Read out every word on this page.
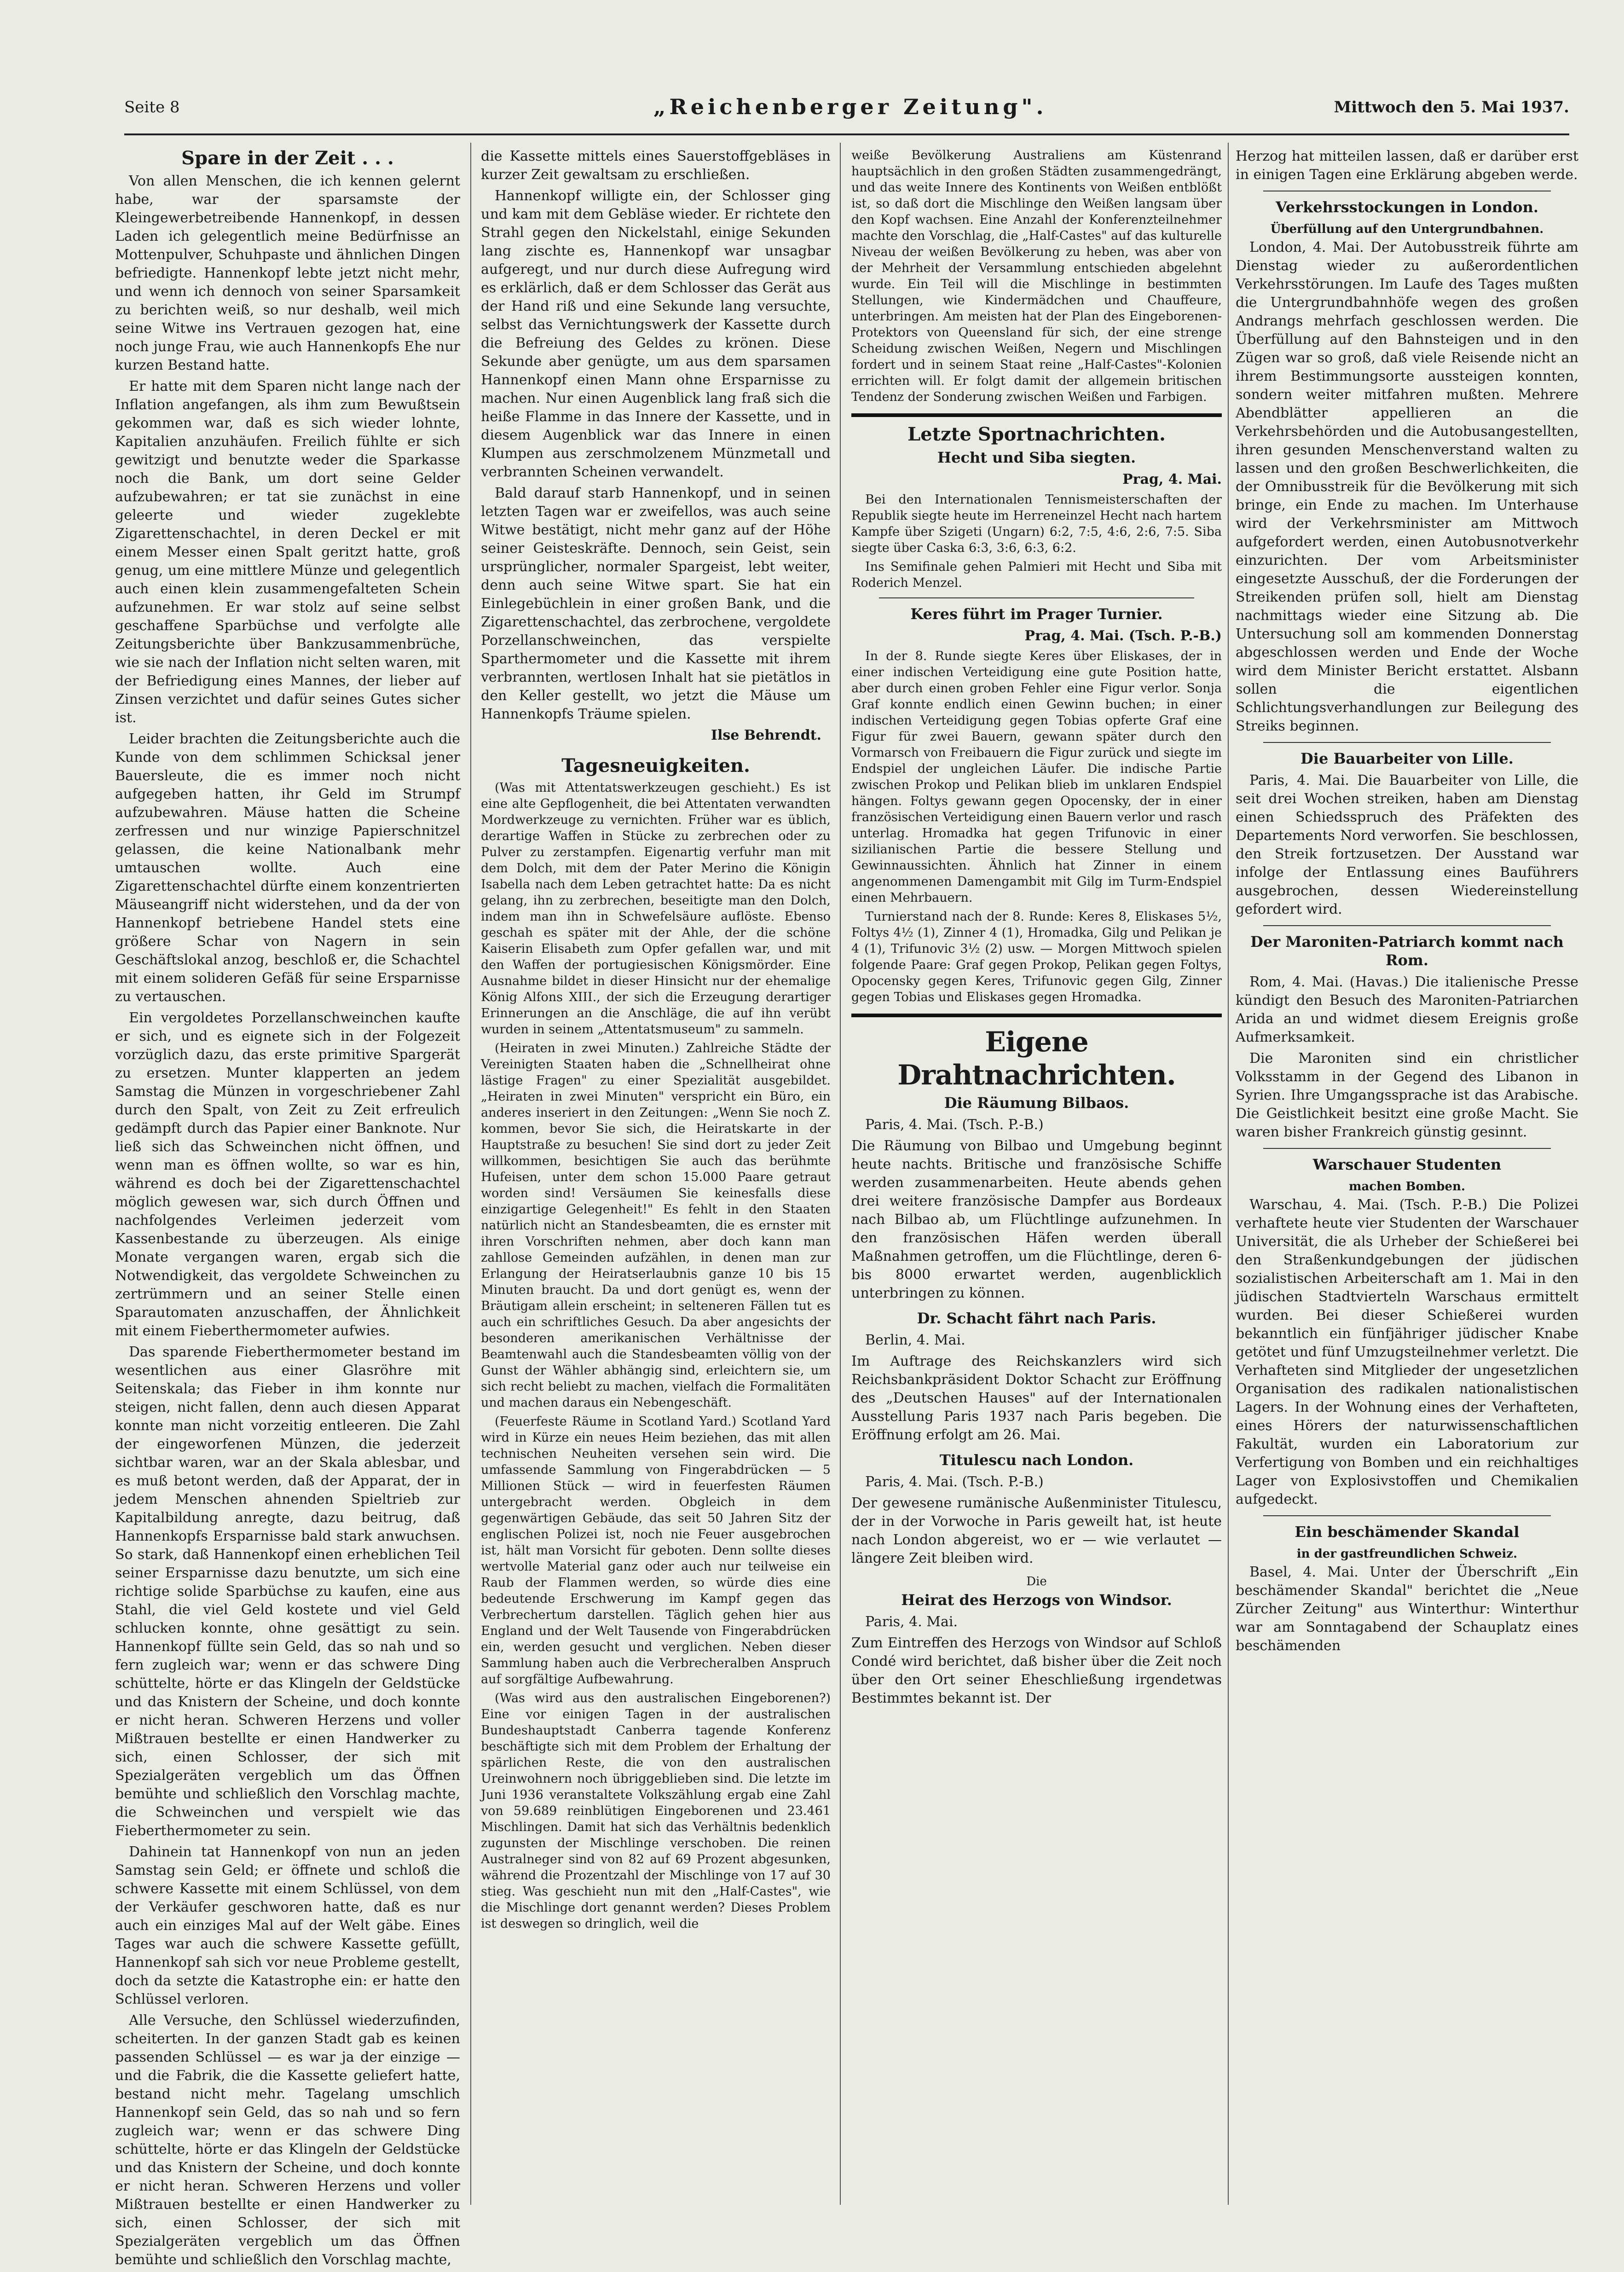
Seite 8	„Reichenberger Zeitung".	Mittwoch den 5. Mai 1937.
Spare in der Zeit . . .

Von allen Menschen, die ich kennen gelernt habe, war der sparsamste der Kleingewerbetreibende Hannenkopf, in dessen Laden ich gelegentlich meine Bedürfnisse an Mottenpulver, Schuhpaste und ähnlichen Dingen befriedigte. Hannenkopf lebte jetzt nicht mehr, und wenn ich dennoch von seiner Sparsamkeit zu berichten weiß, so nur deshalb, weil mich seine Witwe ins Vertrauen gezogen hat, eine noch junge Frau, wie auch Hannenkopfs Ehe nur kurzen Bestand hatte.

Er hatte mit dem Sparen nicht lange nach der Inflation angefangen, als ihm zum Bewußtsein gekommen war, daß es sich wieder lohnte, Kapitalien anzuhäufen. Freilich fühlte er sich gewitzigt und benutzte weder die Sparkasse noch die Bank, um dort seine Gelder aufzubewahren; er tat sie zunächst in eine geleerte und wieder zugeklebte Zigarettenschachtel, in deren Deckel er mit einem Messer einen Spalt geritzt hatte, groß genug, um eine mittlere Münze und gelegentlich auch einen klein zusammengefalteten Schein aufzunehmen. Er war stolz auf seine selbst geschaffene Sparbüchse und verfolgte alle Zeitungsberichte über Bankzusammenbrüche, wie sie nach der Inflation nicht selten waren, mit der Befriedigung eines Mannes, der lieber auf Zinsen verzichtet und dafür seines Gutes sicher ist.

Leider brachten die Zeitungsberichte auch die Kunde von dem schlimmen Schicksal jener Bauersleute, die es immer noch nicht aufgegeben hatten, ihr Geld im Strumpf aufzubewahren. Mäuse hatten die Scheine zerfressen und nur winzige Papierschnitzel gelassen, die keine Nationalbank mehr umtauschen wollte. Auch eine Zigarettenschachtel dürfte einem konzentrierten Mäuseangriff nicht widerstehen, und da der von Hannenkopf betriebene Handel stets eine größere Schar von Nagern in sein Geschäftslokal anzog, beschloß er, die Schachtel mit einem solideren Gefäß für seine Ersparnisse zu vertauschen.

Ein vergoldetes Porzellanschweinchen kaufte er sich, und es eignete sich in der Folgezeit vorzüglich dazu, das erste primitive Spargerät zu ersetzen. Munter klapperten an jedem Samstag die Münzen in vorgeschriebener Zahl durch den Spalt, von Zeit zu Zeit erfreulich gedämpft durch das Papier einer Banknote. Nur ließ sich das Schweinchen nicht öffnen, und wenn man es öffnen wollte, so war es hin, während es doch bei der Zigarettenschachtel möglich gewesen war, sich durch Öffnen und nachfolgendes Verleimen jederzeit vom Kassenbestande zu überzeugen. Als einige Monate vergangen waren, ergab sich die Notwendigkeit, das vergoldete Schweinchen zu zertrümmern und an seiner Stelle einen Sparautomaten anzuschaffen, der Ähnlichkeit mit einem Fieberthermometer aufwies.

Das sparende Fieberthermometer bestand im wesentlichen aus einer Glasröhre mit Seitenskala; das Fieber in ihm konnte nur steigen, nicht fallen, denn auch diesen Apparat konnte man nicht vorzeitig entleeren. Die Zahl der eingeworfenen Münzen, die jederzeit sichtbar waren, war an der Skala ablesbar, und es muß betont werden, daß der Apparat, der in jedem Menschen ahnenden Spieltrieb zur Kapitalbildung anregte, dazu beitrug, daß Hannenkopfs Ersparnisse bald stark anwuchsen. So stark, daß Hannenkopf einen erheblichen Teil seiner Ersparnisse dazu benutzte, um sich eine richtige solide Sparbüchse zu kaufen, eine aus Stahl, die viel Geld kostete und viel Geld schlucken konnte, ohne gesättigt zu sein. Hannenkopf füllte sein Geld, das so nah und so fern zugleich war; wenn er das schwere Ding schüttelte, hörte er das Klingeln der Geldstücke und das Knistern der Scheine, und doch konnte er nicht heran. Schweren Herzens und voller Mißtrauen bestellte er einen Handwerker zu sich, einen Schlosser, der sich mit Spezialgeräten vergeblich um das Öffnen bemühte und schließlich den Vorschlag machte, die Schweinchen und verspielt wie das Fieberthermometer zu sein.

Dahinein tat Hannenkopf von nun an jeden Samstag sein Geld; er öffnete und schloß die schwere Kassette mit einem Schlüssel, von dem der Verkäufer geschworen hatte, daß es nur auch ein einziges Mal auf der Welt gäbe. Eines Tages war auch die schwere Kassette gefüllt, Hannenkopf sah sich vor neue Probleme gestellt, doch da setzte die Katastrophe ein: er hatte den Schlüssel verloren.

Alle Versuche, den Schlüssel wiederzufinden, scheiterten. In der ganzen Stadt gab es keinen passenden Schlüssel — es war ja der einzige — und die Fabrik, die die Kassette geliefert hatte, bestand nicht mehr. Tagelang umschlich Hannenkopf sein Geld, das so nah und so fern zugleich war; wenn er das schwere Ding schüttelte, hörte er das Klingeln der Geldstücke und das Knistern der Scheine, und doch konnte er nicht heran. Schweren Herzens und voller Mißtrauen bestellte er einen Handwerker zu sich, einen Schlosser, der sich mit Spezialgeräten vergeblich um das Öffnen bemühte und schließlich den Vorschlag machte,

die Kassette mittels eines Sauerstoffgebläses in kurzer Zeit gewaltsam zu erschließen.

Hannenkopf willigte ein, der Schlosser ging und kam mit dem Gebläse wieder. Er richtete den Strahl gegen den Nickelstahl, einige Sekunden lang zischte es, Hannenkopf war unsagbar aufgeregt, und nur durch diese Aufregung wird es erklärlich, daß er dem Schlosser das Gerät aus der Hand riß und eine Sekunde lang versuchte, selbst das Vernichtungswerk der Kassette durch die Befreiung des Geldes zu krönen. Diese Sekunde aber genügte, um aus dem sparsamen Hannenkopf einen Mann ohne Ersparnisse zu machen. Nur einen Augenblick lang fraß sich die heiße Flamme in das Innere der Kassette, und in diesem Augenblick war das Innere in einen Klumpen aus zerschmolzenem Münzmetall und verbrannten Scheinen verwandelt.

Bald darauf starb Hannenkopf, und in seinen letzten Tagen war er zweifellos, was auch seine Witwe bestätigt, nicht mehr ganz auf der Höhe seiner Geisteskräfte. Dennoch, sein Geist, sein ursprünglicher, normaler Spargeist, lebt weiter, denn auch seine Witwe spart. Sie hat ein Einlegebüchlein in einer großen Bank, und die Zigarettenschachtel, das zerbrochene, vergoldete Porzellanschweinchen, das verspielte Sparthermometer und die Kassette mit ihrem verbrannten, wertlosen Inhalt hat sie pietätlos in den Keller gestellt, wo jetzt die Mäuse um Hannenkopfs Träume spielen.

Ilse Behrendt.
Tagesneuigkeiten.

(Was mit Attentatswerkzeugen geschieht.) Es ist eine alte Gepflogenheit, die bei Attentaten verwandten Mordwerkzeuge zu vernichten. Früher war es üblich, derartige Waffen in Stücke zu zerbrechen oder zu Pulver zu zerstampfen. Eigenartig verfuhr man mit dem Dolch, mit dem der Pater Merino die Königin Isabella nach dem Leben getrachtet hatte: Da es nicht gelang, ihn zu zerbrechen, beseitigte man den Dolch, indem man ihn in Schwefelsäure auflöste. Ebenso geschah es später mit der Ahle, der die schöne Kaiserin Elisabeth zum Opfer gefallen war, und mit den Waffen der portugiesischen Königsmörder. Eine Ausnahme bildet in dieser Hinsicht nur der ehemalige König Alfons XIII., der sich die Erzeugung derartiger Erinnerungen an die Anschläge, die auf ihn verübt wurden in seinem „Attentatsmuseum" zu sammeln.

(Heiraten in zwei Minuten.) Zahlreiche Städte der Vereinigten Staaten haben die „Schnellheirat ohne lästige Fragen" zu einer Spezialität ausgebildet. „Heiraten in zwei Minuten" verspricht ein Büro, ein anderes inseriert in den Zeitungen: „Wenn Sie noch Z. kommen, bevor Sie sich, die Heiratskarte in der Hauptstraße zu besuchen! Sie sind dort zu jeder Zeit willkommen, besichtigen Sie auch das berühmte Hufeisen, unter dem schon 15.000 Paare getraut worden sind! Versäumen Sie keinesfalls diese einzigartige Gelegenheit!" Es fehlt in den Staaten natürlich nicht an Standesbeamten, die es ernster mit ihren Vorschriften nehmen, aber doch kann man zahllose Gemeinden aufzählen, in denen man zur Erlangung der Heiratserlaubnis ganze 10 bis 15 Minuten braucht. Da und dort genügt es, wenn der Bräutigam allein erscheint; in selteneren Fällen tut es auch ein schriftliches Gesuch. Da aber angesichts der besonderen amerikanischen Verhältnisse der Beamtenwahl auch die Standesbeamten völlig von der Gunst der Wähler abhängig sind, erleichtern sie, um sich recht beliebt zu machen, vielfach die Formalitäten und machen daraus ein Nebengeschäft.

(Feuerfeste Räume in Scotland Yard.) Scotland Yard wird in Kürze ein neues Heim beziehen, das mit allen technischen Neuheiten versehen sein wird. Die umfassende Sammlung von Fingerabdrücken — 5 Millionen Stück — wird in feuerfesten Räumen untergebracht werden. Obgleich in dem gegenwärtigen Gebäude, das seit 50 Jahren Sitz der englischen Polizei ist, noch nie Feuer ausgebrochen ist, hält man Vorsicht für geboten. Denn sollte dieses wertvolle Material ganz oder auch nur teilweise ein Raub der Flammen werden, so würde dies eine bedeutende Erschwerung im Kampf gegen das Verbrechertum darstellen. Täglich gehen hier aus England und der Welt Tausende von Fingerabdrücken ein, werden gesucht und verglichen. Neben dieser Sammlung haben auch die Verbrecheralben Anspruch auf sorgfältige Aufbewahrung.

(Was wird aus den australischen Eingeborenen?) Eine vor einigen Tagen in der australischen Bundeshauptstadt Canberra tagende Konferenz beschäftigte sich mit dem Problem der Erhaltung der spärlichen Reste, die von den australischen Ureinwohnern noch übriggeblieben sind. Die letzte im Juni 1936 veranstaltete Volkszählung ergab eine Zahl von 59.689 reinblütigen Eingeborenen und 23.461 Mischlingen. Damit hat sich das Verhältnis bedenklich zugunsten der Mischlinge verschoben. Die reinen Australneger sind von 82 auf 69 Prozent abgesunken, während die Prozentzahl der Mischlinge von 17 auf 30 stieg. Was geschieht nun mit den „Half-Castes", wie die Mischlinge dort genannt werden? Dieses Problem ist deswegen so dringlich, weil die

weiße Bevölkerung Australiens am Küstenrand hauptsächlich in den großen Städten zusammengedrängt, und das weite Innere des Kontinents von Weißen entblößt ist, so daß dort die Mischlinge den Weißen langsam über den Kopf wachsen. Eine Anzahl der Konferenzteilnehmer machte den Vorschlag, die „Half-Castes" auf das kulturelle Niveau der weißen Bevölkerung zu heben, was aber von der Mehrheit der Versammlung entschieden abgelehnt wurde. Ein Teil will die Mischlinge in bestimmten Stellungen, wie Kindermädchen und Chauffeure, unterbringen. Am meisten hat der Plan des Eingeborenen-Protektors von Queensland für sich, der eine strenge Scheidung zwischen Weißen, Negern und Mischlingen fordert und in seinem Staat reine „Half-Castes"-Kolonien errichten will. Er folgt damit der allgemein britischen Tendenz der Sonderung zwischen Weißen und Farbigen.

Letzte Sportnachrichten.
Hecht und Siba siegten.
Prag, 4. Mai.

Bei den Internationalen Tennismeisterschaften der Republik siegte heute im Herreneinzel Hecht nach hartem Kampfe über Szigeti (Ungarn) 6:2, 7:5, 4:6, 2:6, 7:5. Siba siegte über Caska 6:3, 3:6, 6:3, 6:2.

Ins Semifinale gehen Palmieri mit Hecht und Siba mit Roderich Menzel.

Keres führt im Prager Turnier.
Prag, 4. Mai. (Tsch. P.-B.)

In der 8. Runde siegte Keres über Eliskases, der in einer indischen Verteidigung eine gute Position hatte, aber durch einen groben Fehler eine Figur verlor. Sonja Graf konnte endlich einen Gewinn buchen; in einer indischen Verteidigung gegen Tobias opferte Graf eine Figur für zwei Bauern, gewann später durch den Vormarsch von Freibauern die Figur zurück und siegte im Endspiel der ungleichen Läufer. Die indische Partie zwischen Prokop und Pelikan blieb im unklaren Endspiel hängen. Foltys gewann gegen Opocensky, der in einer französischen Verteidigung einen Bauern verlor und rasch unterlag. Hromadka hat gegen Trifunovic in einer sizilianischen Partie die bessere Stellung und Gewinnaussichten. Ähnlich hat Zinner in einem angenommenen Damengambit mit Gilg im Turm-Endspiel einen Mehrbauern.

Turnierstand nach der 8. Runde: Keres 8, Eliskases 5½, Foltys 4½ (1), Zinner 4 (1), Hromadka, Gilg und Pelikan je 4 (1), Trifunovic 3½ (2) usw. — Morgen Mittwoch spielen folgende Paare: Graf gegen Prokop, Pelikan gegen Foltys, Opocensky gegen Keres, Trifunovic gegen Gilg, Zinner gegen Tobias und Eliskases gegen Hromadka.

Eigene Drahtnachrichten.
Die Räumung Bilbaos.

Paris, 4. Mai. (Tsch. P.-B.)

Die Räumung von Bilbao und Umgebung beginnt heute nachts. Britische und französische Schiffe werden zusammenarbeiten. Heute abends gehen drei weitere französische Dampfer aus Bordeaux nach Bilbao ab, um Flüchtlinge aufzunehmen. In den französischen Häfen werden überall Maßnahmen getroffen, um die Flüchtlinge, deren 6- bis 8000 erwartet werden, augenblicklich unterbringen zu können.

Dr. Schacht fährt nach Paris.

Berlin, 4. Mai.

Im Auftrage des Reichskanzlers wird sich Reichsbankpräsident Doktor Schacht zur Eröffnung des „Deutschen Hauses" auf der Internationalen Ausstellung Paris 1937 nach Paris begeben. Die Eröffnung erfolgt am 26. Mai.

Titulescu nach London.

Paris, 4. Mai. (Tsch. P.-B.)

Der gewesene rumänische Außenminister Titulescu, der in der Vorwoche in Paris geweilt hat, ist heute nach London abgereist, wo er — wie verlautet — längere Zeit bleiben wird.

Die
Heirat des Herzogs von Windsor.

Paris, 4. Mai.

Zum Eintreffen des Herzogs von Windsor auf Schloß Condé wird berichtet, daß bisher über die Zeit noch über den Ort seiner Eheschließung irgendetwas Bestimmtes bekannt ist. Der

Herzog hat mitteilen lassen, daß er darüber erst in einigen Tagen eine Erklärung abgeben werde.

Verkehrsstockungen in London.
Überfüllung auf den Untergrundbahnen.

London, 4. Mai. Der Autobusstreik führte am Dienstag wieder zu außerordentlichen Verkehrsstörungen. Im Laufe des Tages mußten die Untergrundbahnhöfe wegen des großen Andrangs mehrfach geschlossen werden. Die Überfüllung auf den Bahnsteigen und in den Zügen war so groß, daß viele Reisende nicht an ihrem Bestimmungsorte aussteigen konnten, sondern weiter mitfahren mußten. Mehrere Abendblätter appellieren an die Verkehrsbehörden und die Autobusangestellten, ihren gesunden Menschenverstand walten zu lassen und den großen Beschwerlichkeiten, die der Omnibusstreik für die Bevölkerung mit sich bringe, ein Ende zu machen. Im Unterhause wird der Verkehrsminister am Mittwoch aufgefordert werden, einen Autobusnotverkehr einzurichten. Der vom Arbeitsminister eingesetzte Ausschuß, der die Forderungen der Streikenden prüfen soll, hielt am Dienstag nachmittags wieder eine Sitzung ab. Die Untersuchung soll am kommenden Donnerstag abgeschlossen werden und Ende der Woche wird dem Minister Bericht erstattet. Alsbann sollen die eigentlichen Schlichtungsverhandlungen zur Beilegung des Streiks beginnen.

Die Bauarbeiter von Lille.

Paris, 4. Mai. Die Bauarbeiter von Lille, die seit drei Wochen streiken, haben am Dienstag einen Schiedsspruch des Präfekten des Departements Nord verworfen. Sie beschlossen, den Streik fortzusetzen. Der Ausstand war infolge der Entlassung eines Bauführers ausgebrochen, dessen Wiedereinstellung gefordert wird.

Der Maroniten-Patriarch kommt nach Rom.

Rom, 4. Mai. (Havas.) Die italienische Presse kündigt den Besuch des Maroniten-Patriarchen Arida an und widmet diesem Ereignis große Aufmerksamkeit.

Die Maroniten sind ein christlicher Volksstamm in der Gegend des Libanon in Syrien. Ihre Umgangssprache ist das Arabische. Die Geistlichkeit besitzt eine große Macht. Sie waren bisher Frankreich günstig gesinnt.

Warschauer Studenten
machen Bomben.

Warschau, 4. Mai. (Tsch. P.-B.) Die Polizei verhaftete heute vier Studenten der Warschauer Universität, die als Urheber der Schießerei bei den Straßenkundgebungen der jüdischen sozialistischen Arbeiterschaft am 1. Mai in den jüdischen Stadtvierteln Warschaus ermittelt wurden. Bei dieser Schießerei wurden bekanntlich ein fünfjähriger jüdischer Knabe getötet und fünf Umzugsteilnehmer verletzt. Die Verhafteten sind Mitglieder der ungesetzlichen Organisation des radikalen nationalistischen Lagers. In der Wohnung eines der Verhafteten, eines Hörers der naturwissenschaftlichen Fakultät, wurden ein Laboratorium zur Verfertigung von Bomben und ein reichhaltiges Lager von Explosivstoffen und Chemikalien aufgedeckt.

Ein beschämender Skandal
in der gastfreundlichen Schweiz.

Basel, 4. Mai. Unter der Überschrift „Ein beschämender Skandal" berichtet die „Neue Zürcher Zeitung" aus Winterthur: Winterthur war am Sonntagabend der Schauplatz eines beschämenden
